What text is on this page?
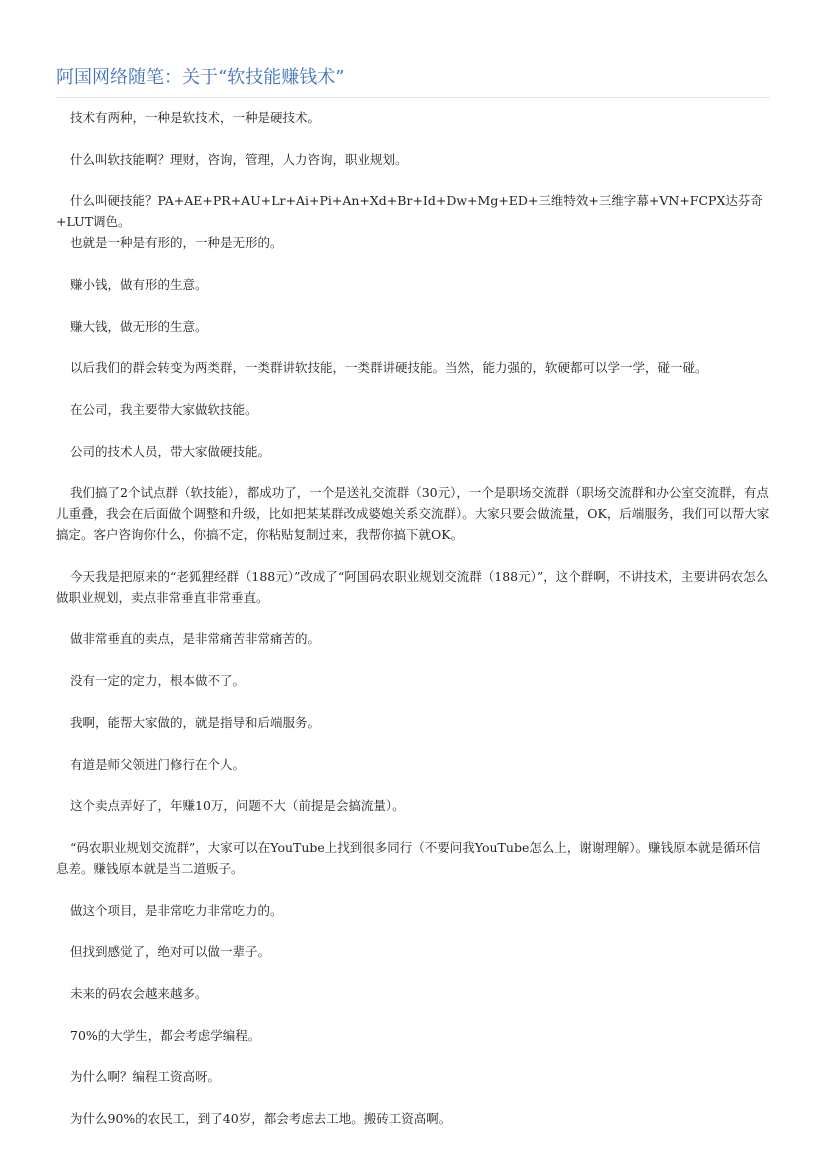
阿国网络随笔：关于“软技能赚钱术”

技术有两种，一种是软技术，一种是硬技术。

什么叫软技能啊？理财，咨询，管理，人力咨询，职业规划。

什么叫硬技能？PA+AE+PR+AU+Lr+Ai+Pi+An+Xd+Br+Id+Dw+Mg+ED+三维特效+三维字幕+VN+FCPX达芬奇+LUT调色。

也就是一种是有形的，一种是无形的。

赚小钱，做有形的生意。

赚大钱，做无形的生意。

以后我们的群会转变为两类群，一类群讲软技能，一类群讲硬技能。当然，能力强的，软硬都可以学一学，碰一碰。

在公司，我主要带大家做软技能。

公司的技术人员，带大家做硬技能。

我们搞了2个试点群（软技能），都成功了，一个是送礼交流群（30元），一个是职场交流群（职场交流群和办公室交流群，有点儿重叠，我会在后面做个调整和升级，比如把某某群改成婆媳关系交流群）。大家只要会做流量，OK，后端服务，我们可以帮大家搞定。客户咨询你什么，你搞不定，你粘贴复制过来，我帮你搞下就OK。

今天我是把原来的“老狐狸经群（188元）”改成了“阿国码农职业规划交流群（188元）”，这个群啊，不讲技术，主要讲码农怎么做职业规划，卖点非常垂直非常垂直。

做非常垂直的卖点，是非常痛苦非常痛苦的。

没有一定的定力，根本做不了。

我啊，能帮大家做的，就是指导和后端服务。

有道是师父领进门修行在个人。

这个卖点弄好了，年赚10万，问题不大（前提是会搞流量）。

“码农职业规划交流群”，大家可以在YouTube上找到很多同行（不要问我YouTube怎么上，谢谢理解）。赚钱原本就是循环信息差。赚钱原本就是当二道贩子。

做这个项目，是非常吃力非常吃力的。

但找到感觉了，绝对可以做一辈子。

未来的码农会越来越多。

70%的大学生，都会考虑学编程。

为什么啊？编程工资高呀。

为什么90%的农民工，到了40岁，都会考虑去工地。搬砖工资高啊。
